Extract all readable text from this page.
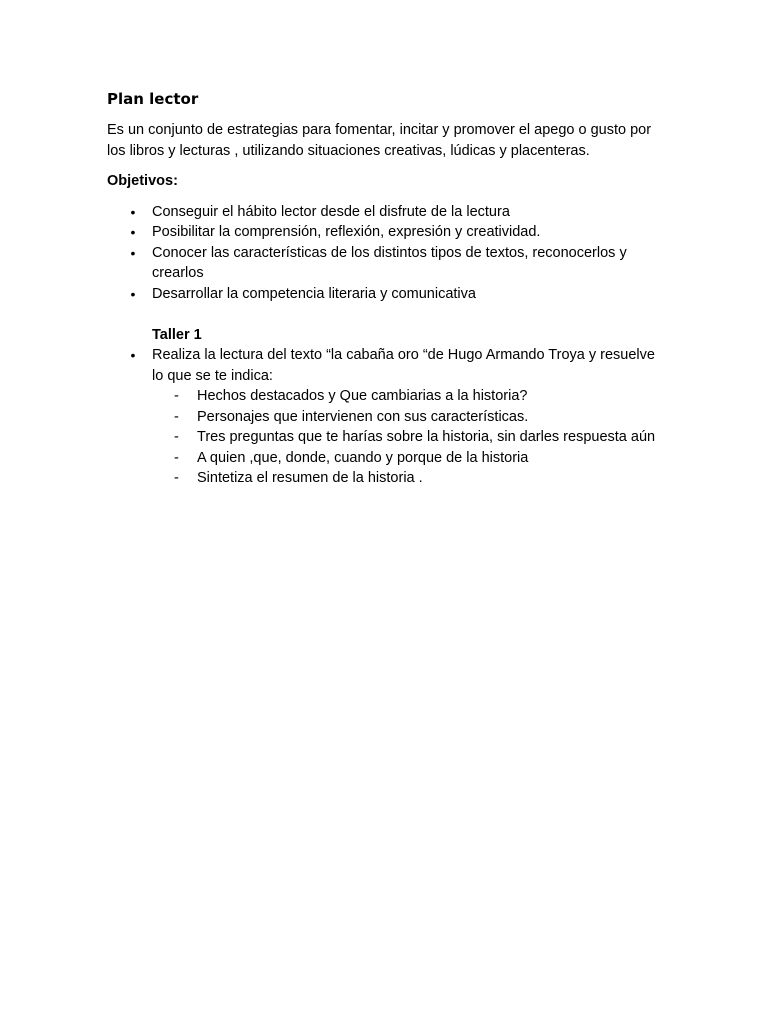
Plan lector

Es un conjunto de estrategias para fomentar, incitar y promover el apego o gusto por los libros y lecturas , utilizando situaciones creativas, lúdicas y placenteras.

Objetivos:
• Conseguir el hábito lector desde el disfrute de la lectura
• Posibilitar la comprensión, reflexión, expresión y creatividad.
• Conocer las características de los distintos tipos de textos, reconocerlos y crearlos
• Desarrollar la competencia literaria y comunicativa
Taller 1
• Realiza la lectura del texto “la cabaña oro “de Hugo Armando Troya y resuelve lo que se te indica:
- Hechos destacados y Que cambiarias a la historia?
- Personajes que intervienen con sus características.
- Tres preguntas que te harías sobre la historia, sin darles respuesta aún
- A quien ,que, donde, cuando y porque de la historia
- Sintetiza el resumen de la historia .
